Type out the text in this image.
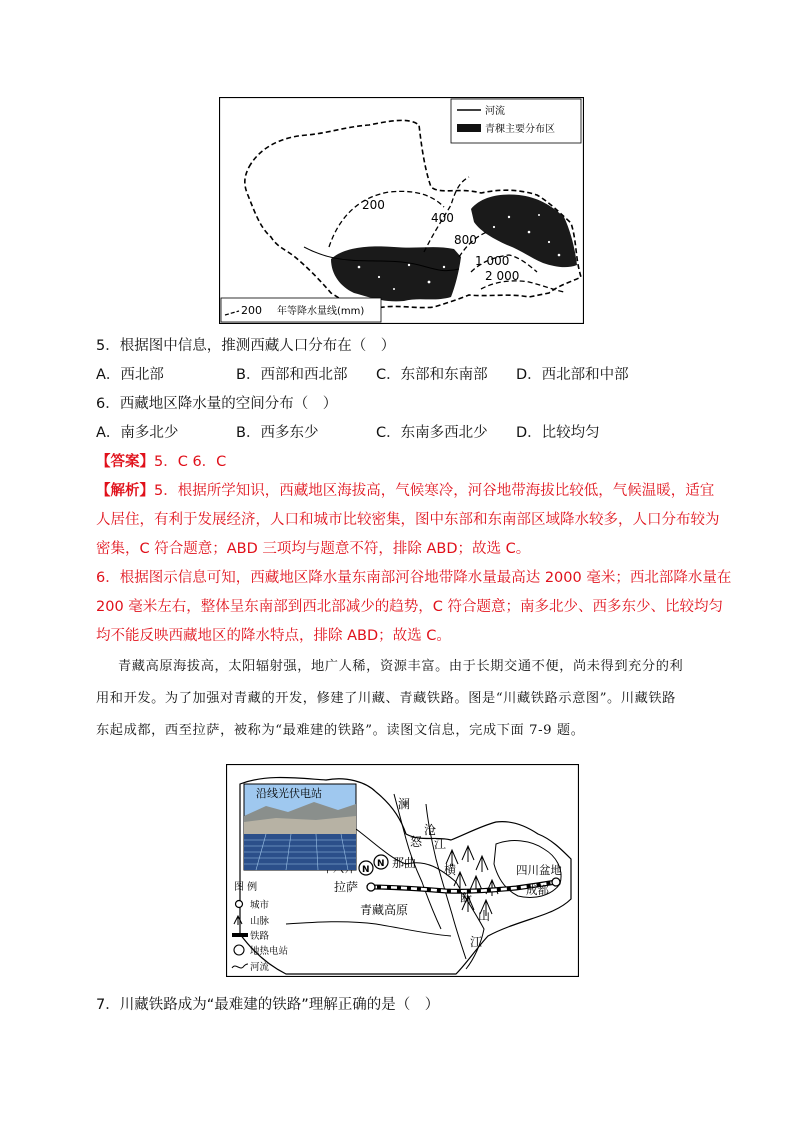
河流
青稞主要分布区
200
400
800
1 000
2 000
200 年等降水量线(mm)
5．根据图中信息，推测西藏人口分布在（　）
A．西北部	B．西部和西北部 C．东部和东南部 D．西北部和中部
6．西藏地区降水量的空间分布（　）
A．南多北少	B．西多东少	C．东南多西北少 D．比较均匀
【答案】5．C 6．C
【解析】5．根据所学知识，西藏地区海拔高，气候寒冷，河谷地带海拔比较低，气候温暖，适宜
人居住，有利于发展经济，人口和城市比较密集，图中东部和东南部区域降水较多，人口分布较为
密集，C 符合题意；ABD 三项均与题意不符，排除 ABD；故选 C。
6．根据图示信息可知，西藏地区降水量东南部河谷地带降水量最高达 2000 毫米；西北部降水量在
200 毫米左右，整体呈东南部到西北部减少的趋势，C 符合题意；南多北少、西多东少、比较均匀
均不能反映西藏地区的降水特点，排除 ABD；故选 C。
青藏高原海拔高，太阳辐射强，地广人稀，资源丰富。由于长期交通不便，尚未得到充分的利
用和开发。为了加强对青藏的开发，修建了川藏、青藏铁路。图是“川藏铁路示意图”。川藏铁路
东起成都，西至拉萨，被称为“最难建的铁路”。读图文信息，完成下面 7-9 题。
Ν
Ν
澜
沧
怒 江
那曲
拉萨
青藏高原
横
断
山
江
四川盆地
成都
沿线光伏电站
图 例
城市
山脉
铁路
地热电站
河流
7．川藏铁路成为“最难建的铁路”理解正确的是（　）
